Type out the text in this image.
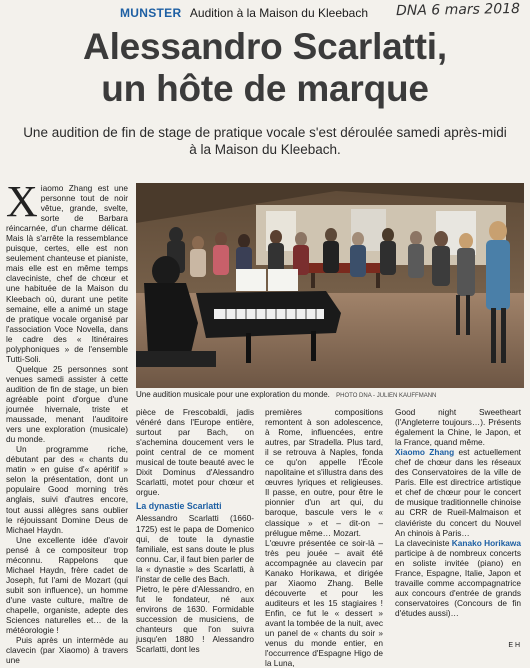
MUNSTER Audition à la Maison du Kleebach DNA 6 mars 2018
Alessandro Scarlatti,
un hôte de marque
Une audition de fin de stage de pratique vocale s'est déroulée samedi après-midi à la Maison du Kleebach.

X iaomo Zhang est une personne tout de noir vêtue, grande, svelte, sorte de Barbara réincarnée, d'un charme délicat. Mais là s'arrête la ressemblance puisque, certes, elle est non seulement chanteuse et pianiste, mais elle est en même temps claveciniste, chef de chœur et une habituée de la Maison du Kleebach où, durant une petite semaine, elle a animé un stage de pratique vocale organisé par l'association Voce Novella, dans le cadre des « Itinéraires polyphoniques » de l'ensemble Tutti-Soli.

Quelque 25 personnes sont venues samedi assister à cette audition de fin de stage, un bien agréable point d'orgue d'une journée hivernale, triste et maussade, menant l'auditoire vers une exploration (musicale) du monde.

Un programme riche, débutant par des « chants du matin » en guise d'« apéritif » selon la présentation, dont un populaire Good morning très anglais, suivi d'autres encore, tout aussi allègres sans oublier le réjouissant Domine Deus de Michael Haydn.

Une excellente idée d'avoir pensé à ce compositeur trop méconnu. Rappelons que Michael Haydn, frère cadet de Joseph, fut l'ami de Mozart (qui subit son influence), un homme d'une vaste culture, maître de chapelle, organiste, adepte des Sciences naturelles et… de la météorologie !

Puis après un intermède au clavecin (par Xiaomo) à travers une

Une audition musicale pour une exploration du monde. PHOTO DNA - JULIEN KAUFFMANN

pièce de Frescobaldi, jadis vénéré dans l'Europe entière, surtout par Bach, on s'achemina doucement vers le point central de ce moment musical de toute beauté avec le Dixit Dominus d'Alessandro Scarlatti, motet pour chœur et orgue.

La dynastie Scarlatti

Alessandro Scarlatti (1660-1725) est le papa de Domenico qui, de toute la dynastie familiale, est sans doute le plus connu. Car, il faut bien parler de la « dynastie » des Scarlatti, à l'instar de celle des Bach.

Pietro, le père d'Alessandro, en fut le fondateur, né aux environs de 1630. Formidable succession de musiciens, de chanteurs que l'on suivra jusqu'en 1880 ! Alessandro Scarlatti, dont les

premières compositions remontent à son adolescence, à Rome, influencées, entre autres, par Stradella. Plus tard, il se retrouva à Naples, fonda ce qu'on appelle l'École napolitaine et s'illustra dans des œuvres lyriques et religieuses. Il passe, en outre, pour être le pionnier d'un art qui, du baroque, bascule vers le « classique » et – dit-on – prélugue même… Mozart.

L'œuvre présentée ce soir-là – très peu jouée – avait été accompagnée au clavecin par Kanako Horikawa, et dirigée par Xiaomo Zhang. Belle découverte et pour les auditeurs et les 15 stagiaires ! Enfin, ce fut le « dessert » avant la tombée de la nuit, avec un panel de « chants du soir » venus du monde entier, en l'occurrence d'Espagne Higo de la Luna,

Good night Sweetheart (l'Angleterre toujours…). Présents également la Chine, le Japon, et la France, quand même.

Xiaomo Zhang est actuellement chef de chœur dans les réseaux des Conservatoires de la ville de Paris. Elle est directrice artistique et chef de chœur pour le concert de musique traditionnelle chinoise au CRR de Rueil-Malmaison et claviériste du concert du Nouvel An chinois à Paris…

La claveciniste Kanako Horikawa participe à de nombreux concerts en soliste invitée (piano) en France, Espagne, Italie, Japon et travaille comme accompagnatrice aux concours d'entrée de grands conservatoires (Concours de fin d'études aussi)…

E H
